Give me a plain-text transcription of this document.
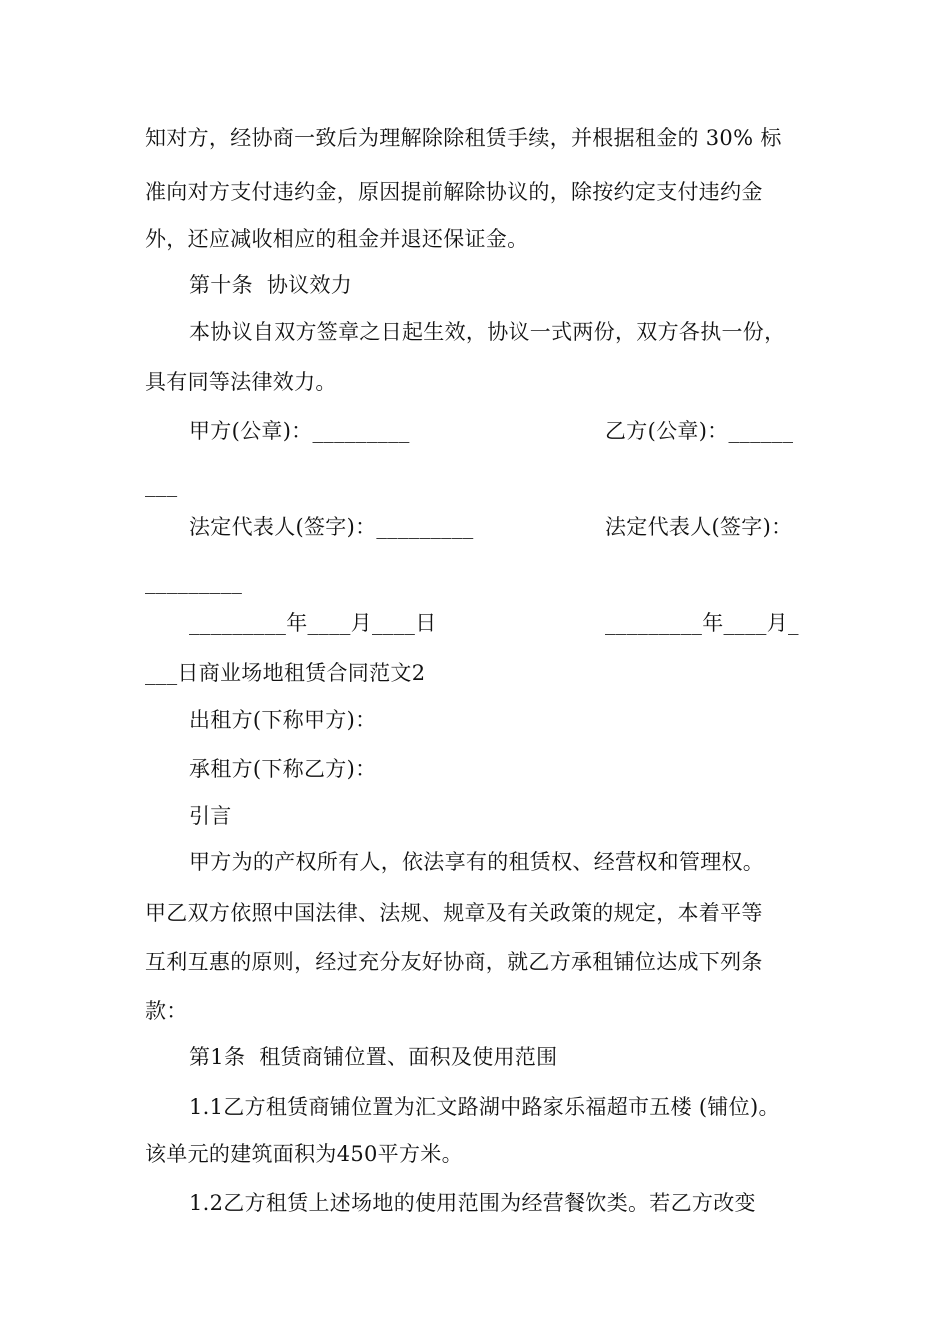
知对方，经协商一致后为理解除除租赁手续，并根据租金的 30% 标
准向对方支付违约金，原因提前解除协议的，除按约定支付违约金
外，还应减收相应的租金并退还保证金。
第十条  协议效力
本协议自双方签章之日起生效，协议一式两份，双方各执一份，
具有同等法律效力。
甲方(公章)：_________	乙方(公章)：______
___
法定代表人(签字)：_________	法定代表人(签字)：
_________
_________年____月____日	_________年____月_
___日商业场地租赁合同范文2
出租方(下称甲方)：
承租方(下称乙方)：
引言
甲方为的产权所有人，依法享有的租赁权、经营权和管理权。
甲乙双方依照中国法律、法规、规章及有关政策的规定，本着平等
互利互惠的原则，经过充分友好协商，就乙方承租铺位达成下列条
款：
第1条  租赁商铺位置、面积及使用范围
1.1乙方租赁商铺位置为汇文路湖中路家乐福超市五楼 (铺位)。
该单元的建筑面积为450平方米。
1.2乙方租赁上述场地的使用范围为经营餐饮类。若乙方改变
